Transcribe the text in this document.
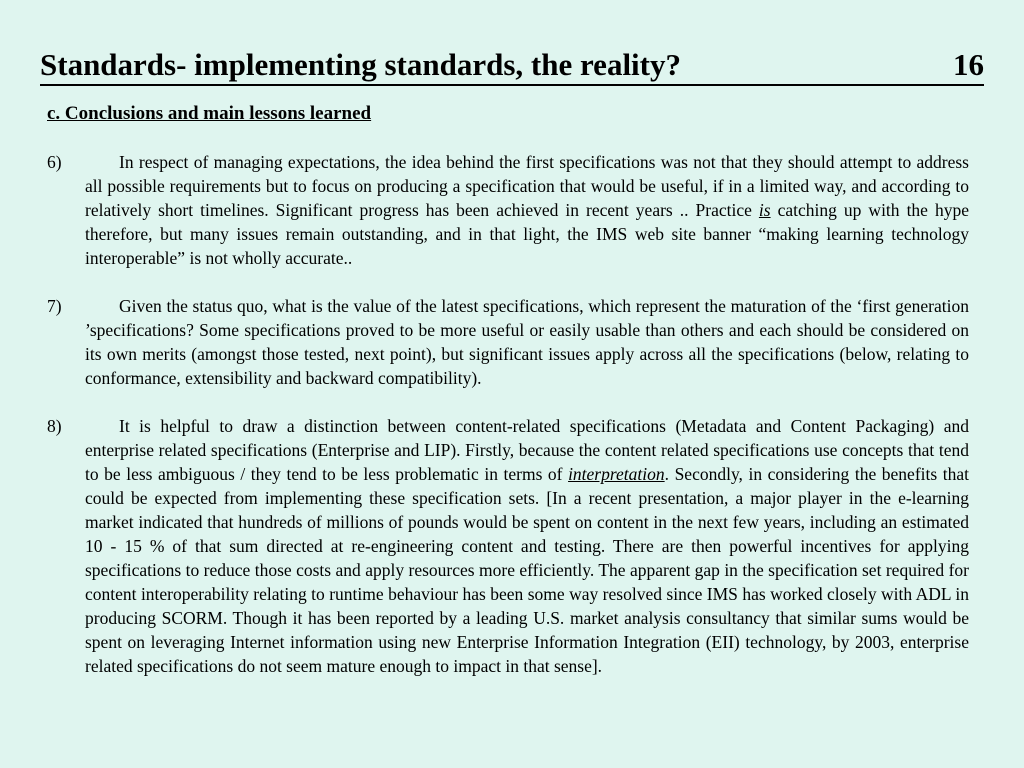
Standards- implementing standards, the reality?	16
c. Conclusions and main lessons learned
6)	In respect of managing expectations, the idea behind the first specifications was not that they should attempt to address all possible requirements but to focus on producing a specification that would be useful, if in a limited way, and according to relatively short timelines. Significant progress has been achieved in recent years .. Practice is catching up with the hype therefore, but many issues remain outstanding, and in that light, the IMS web site banner “making learning technology interoperable” is not wholly accurate..
7)	Given the status quo, what is the value of the latest specifications, which represent the maturation of the ‘first generation ’specifications? Some specifications proved to be more useful or easily usable than others and each should be considered on its own merits (amongst those tested, next point), but significant issues apply across all the specifications (below, relating to conformance, extensibility and backward compatibility).
8)	It is helpful to draw a distinction between content-related specifications (Metadata and Content Packaging) and enterprise related specifications (Enterprise and LIP). Firstly, because the content related specifications use concepts that tend to be less ambiguous / they tend to be less problematic in terms of interpretation. Secondly, in considering the benefits that could be expected from implementing these specification sets. [In a recent presentation, a major player in the e-learning market indicated that hundreds of millions of pounds would be spent on content in the next few years, including an estimated 10 - 15 % of that sum directed at re-engineering content and testing. There are then powerful incentives for applying specifications to reduce those costs and apply resources more efficiently. The apparent gap in the specification set required for content interoperability relating to runtime behaviour has been some way resolved since IMS has worked closely with ADL in producing SCORM. Though it has been reported by a leading U.S. market analysis consultancy that similar sums would be spent on leveraging Internet information using new Enterprise Information Integration (EII) technology, by 2003, enterprise related specifications do not seem mature enough to impact in that sense].
